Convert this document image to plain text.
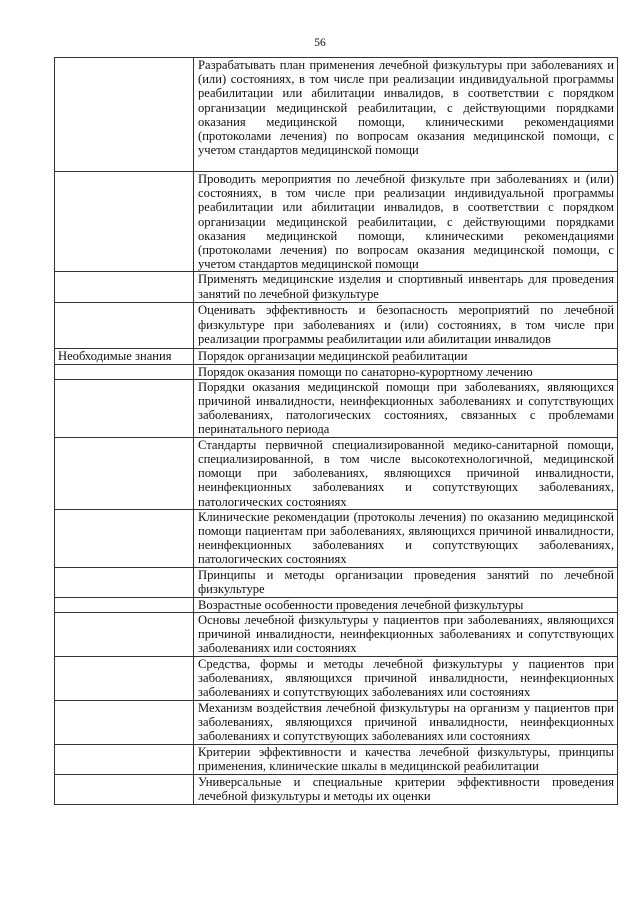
56
	Разрабатывать план применения лечебной физкультуры при заболеваниях и (или) состояниях, в том числе при реализации индивидуальной программы реабилитации или абилитации инвалидов, в соответствии с порядком организации медицинской реабилитации, с действующими порядками оказания медицинской помощи, клиническими рекомендациями (протоколами лечения) по вопросам оказания медицинской помощи, с учетом стандартов медицинской помощи
	Проводить мероприятия по лечебной физкульте при заболеваниях и (или) состояниях, в том числе при реализации индивидуальной программы реабилитации или абилитации инвалидов, в соответствии с порядком организации медицинской реабилитации, с действующими порядками оказания медицинской помощи, клиническими рекомендациями (протоколами лечения) по вопросам оказания медицинской помощи, с учетом стандартов медицинской помощи
	Применять медицинские изделия и спортивный инвентарь для проведения занятий по лечебной физкультуре
	Оценивать эффективность и безопасность мероприятий по лечебной физкультуре при заболеваниях и (или) состояниях, в том числе при реализации программы реабилитации или абилитации инвалидов
Необходимые знания	Порядок организации медицинской реабилитации
	Порядок оказания помощи по санаторно-курортному лечению
	Порядки оказания медицинской помощи при заболеваниях, являющихся причиной инвалидности, неинфекционных заболеваниях и сопутствующих заболеваниях, патологических состояниях, связанных с проблемами перинатального периода
	Стандарты первичной специализированной медико-санитарной помощи, специализированной, в том числе высокотехнологичной, медицинской помощи при заболеваниях, являющихся причиной инвалидности, неинфекционных заболеваниях и сопутствующих заболеваниях, патологических состояниях
	Клинические рекомендации (протоколы лечения) по оказанию медицинской помощи пациентам при заболеваниях, являющихся причиной инвалидности, неинфекционных заболеваниях и сопутствующих заболеваниях, патологических состояниях
	Принципы и методы организации проведения занятий по лечебной физкультуре
	Возрастные особенности проведения лечебной физкультуры
	Основы лечебной физкультуры у пациентов при заболеваниях, являющихся причиной инвалидности, неинфекционных заболеваниях и сопутствующих заболеваниях или состояниях
	Средства, формы и методы лечебной физкультуры у пациентов при заболеваниях, являющихся причиной инвалидности, неинфекционных заболеваниях и сопутствующих заболеваниях или состояниях
	Механизм воздействия лечебной физкультуры на организм у пациентов при заболеваниях, являющихся причиной инвалидности, неинфекционных заболеваниях и сопутствующих заболеваниях или состояниях
	Критерии эффективности и качества лечебной физкультуры, принципы применения, клинические шкалы в медицинской реабилитации
	Универсальные и специальные критерии эффективности проведения лечебной физкультуры и методы их оценки
